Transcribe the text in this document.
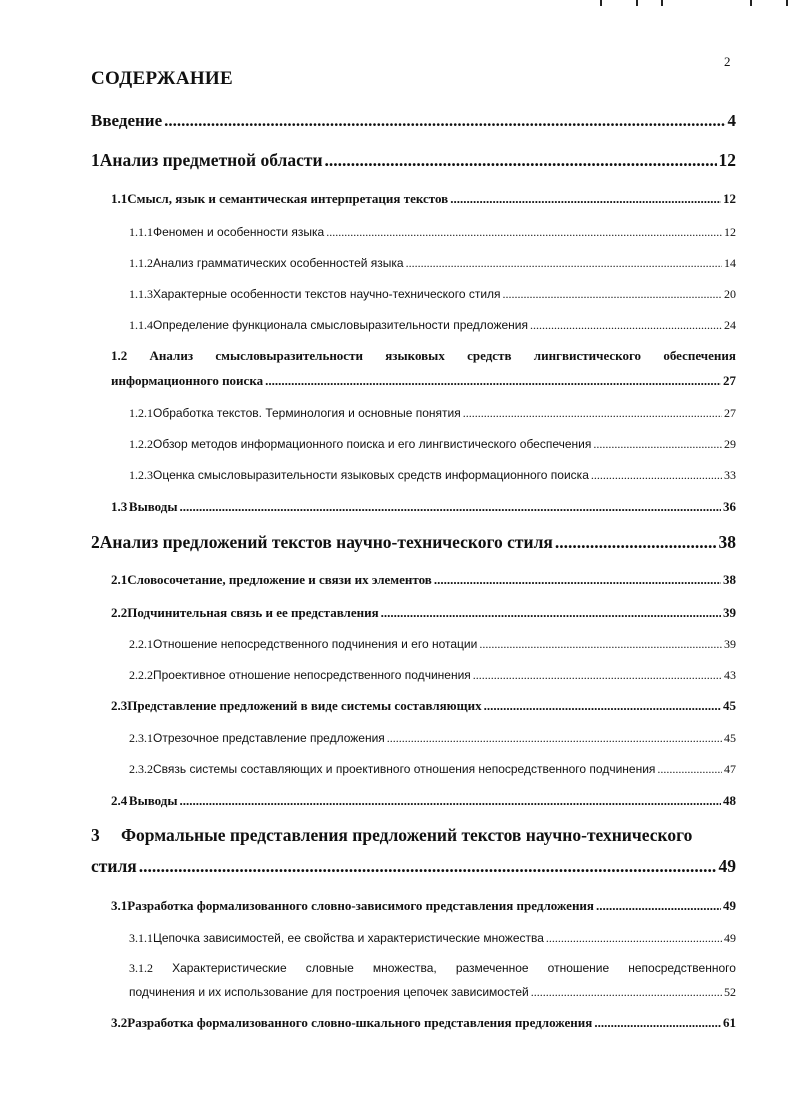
2
СОДЕРЖАНИЕ
Введение .....	4
1 Анализ предметной области .....	12
1.1 Смысл, язык и семантическая интерпретация текстов .....	12
1.1.1 Феномен и особенности языка .....	12
1.1.2 Анализ грамматических особенностей языка .....	14
1.1.3 Характерные особенности текстов научно-технического стиля .....	20
1.1.4 Определение функционала смысловыразительности предложения .....	24
1.2 Анализ смысловыразительности языковых средств лингвистического обеспечения
информационного поиска .....	27
1.2.1 Обработка текстов. Терминология и основные понятия .....	27
1.2.2 Обзор методов информационного поиска и его лингвистического обеспечения .....	29
1.2.3 Оценка смысловыразительности языковых средств информационного поиска .....	33
1.3 Выводы .....	36
2 Анализ предложений текстов научно-технического стиля .....	38
2.1 Словосочетание, предложение и связи их элементов .....	38
2.2 Подчинительная связь и ее представления .....	39
2.2.1 Отношение непосредственного подчинения и его нотации .....	39
2.2.2 Проективное отношение непосредственного подчинения .....	43
2.3 Представление предложений в виде системы составляющих .....	45
2.3.1 Отрезочное представление предложения .....	45
2.3.2 Связь системы составляющих и проективного отношения непосредственного подчинения .....	47
2.4 Выводы .....	48
3	Формальные представления предложений текстов научно-технического
стиля .....	49
3.1 Разработка формализованного словно-зависимого представления предложения .....	49
3.1.1 Цепочка зависимостей, ее свойства и характеристические множества .....	49
3.1.2 Характеристические словные множества, размеченное отношение непосредственного
подчинения и их использование для построения цепочек зависимостей .....	52
3.2 Разработка формализованного словно-шкального представления предложения .....	61
